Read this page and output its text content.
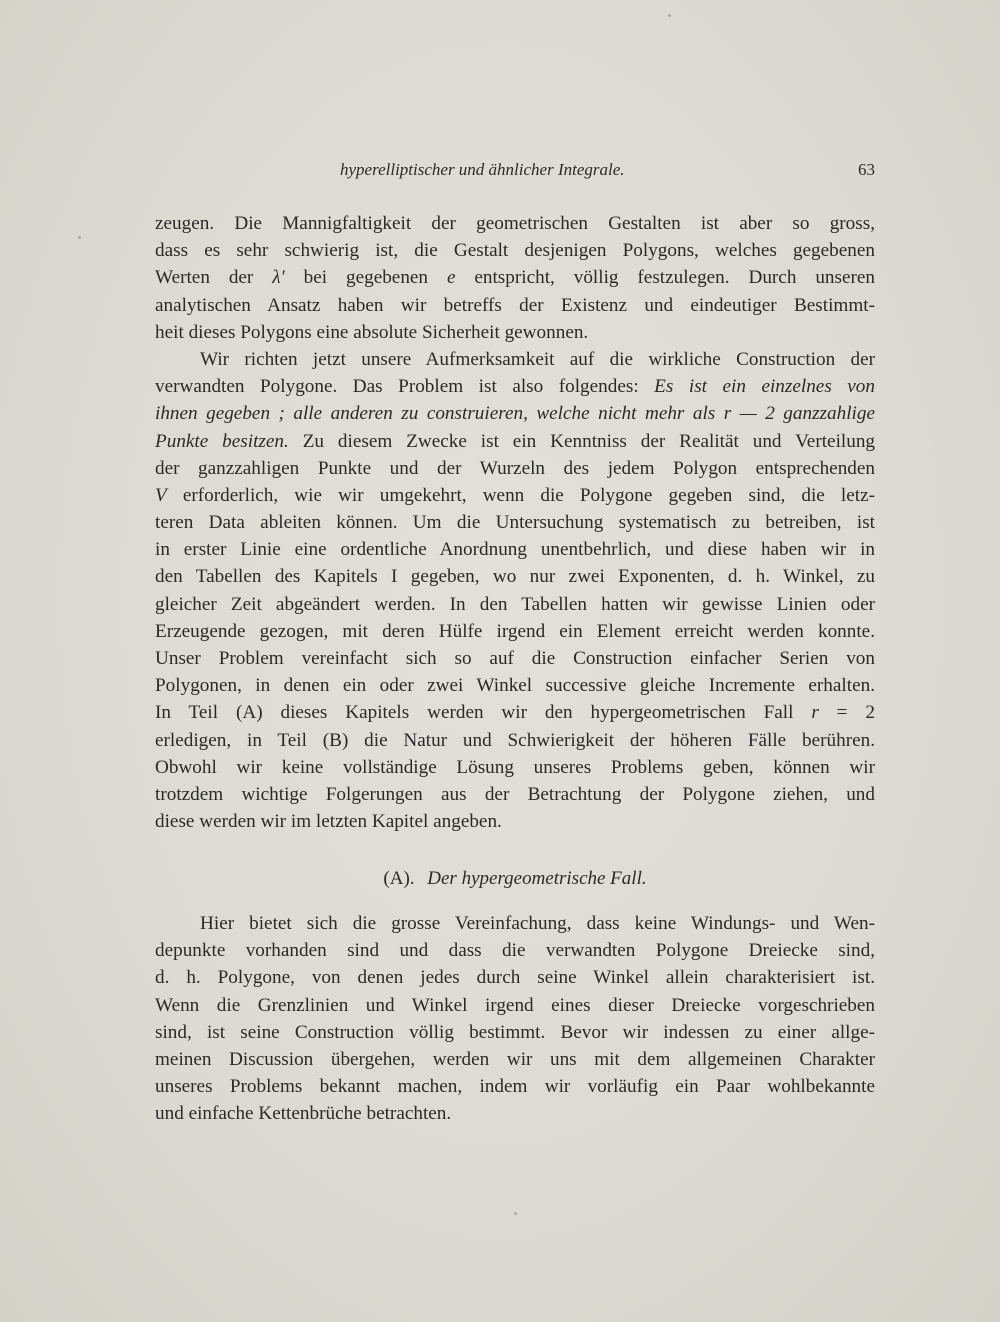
hyperelliptischer und ähnlicher Integrale.	63
zeugen. Die Mannigfaltigkeit der geometrischen Gestalten ist aber so gross,
dass es sehr schwierig ist, die Gestalt desjenigen Polygons, welches gegebenen
Werten der λ′ bei gegebenen e entspricht, völlig festzulegen. Durch unseren
analytischen Ansatz haben wir betreffs der Existenz und eindeutiger Bestimmt-
heit dieses Polygons eine absolute Sicherheit gewonnen.
Wir richten jetzt unsere Aufmerksamkeit auf die wirkliche Construction der
verwandten Polygone. Das Problem ist also folgendes: Es ist ein einzelnes von
ihnen gegeben ; alle anderen zu construieren, welche nicht mehr als r — 2 ganzzahlige
Punkte besitzen. Zu diesem Zwecke ist ein Kenntniss der Realität und Verteilung
der ganzzahligen Punkte und der Wurzeln des jedem Polygon entsprechenden
V erforderlich, wie wir umgekehrt, wenn die Polygone gegeben sind, die letz-
teren Data ableiten können. Um die Untersuchung systematisch zu betreiben, ist
in erster Linie eine ordentliche Anordnung unentbehrlich, und diese haben wir in
den Tabellen des Kapitels I gegeben, wo nur zwei Exponenten, d. h. Winkel, zu
gleicher Zeit abgeändert werden. In den Tabellen hatten wir gewisse Linien oder
Erzeugende gezogen, mit deren Hülfe irgend ein Element erreicht werden konnte.
Unser Problem vereinfacht sich so auf die Construction einfacher Serien von
Polygonen, in denen ein oder zwei Winkel successive gleiche Incremente erhalten.
In Teil (A) dieses Kapitels werden wir den hypergeometrischen Fall r = 2
erledigen, in Teil (B) die Natur und Schwierigkeit der höheren Fälle berühren.
Obwohl wir keine vollständige Lösung unseres Problems geben, können wir
trotzdem wichtige Folgerungen aus der Betrachtung der Polygone ziehen, und
diese werden wir im letzten Kapitel angeben.
(A). Der hypergeometrische Fall.
Hier bietet sich die grosse Vereinfachung, dass keine Windungs- und Wen-
depunkte vorhanden sind und dass die verwandten Polygone Dreiecke sind,
d. h. Polygone, von denen jedes durch seine Winkel allein charakterisiert ist.
Wenn die Grenzlinien und Winkel irgend eines dieser Dreiecke vorgeschrieben
sind, ist seine Construction völlig bestimmt. Bevor wir indessen zu einer allge-
meinen Discussion übergehen, werden wir uns mit dem allgemeinen Charakter
unseres Problems bekannt machen, indem wir vorläufig ein Paar wohlbekannte
und einfache Kettenbrüche betrachten.
